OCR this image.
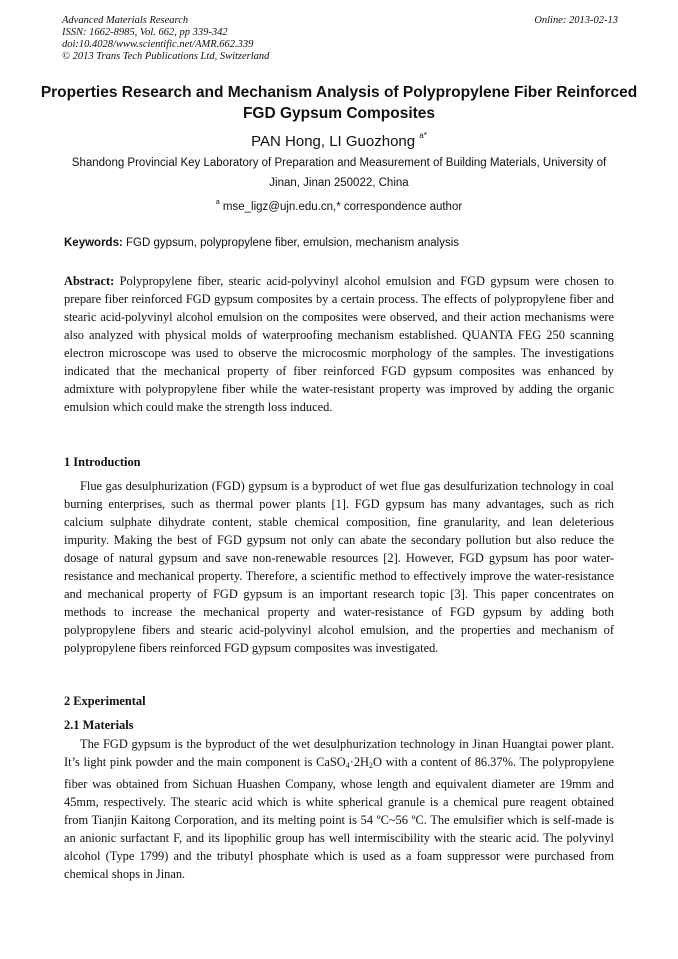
Advanced Materials Research
ISSN: 1662-8985, Vol. 662, pp 339-342
doi:10.4028/www.scientific.net/AMR.662.339
© 2013 Trans Tech Publications Ltd, Switzerland
Online: 2013-02-13
Properties Research and Mechanism Analysis of Polypropylene Fiber Reinforced FGD Gypsum Composites
PAN Hong, LI Guozhong $^{a*}$
Shandong Provincial Key Laboratory of Preparation and Measurement of Building Materials, University of Jinan, Jinan 250022, China
$^a$ mse_ligz@ujn.edu.cn,* correspondence author
Keywords: FGD gypsum, polypropylene fiber, emulsion, mechanism analysis
Abstract: Polypropylene fiber, stearic acid-polyvinyl alcohol emulsion and FGD gypsum were chosen to prepare fiber reinforced FGD gypsum composites by a certain process. The effects of polypropylene fiber and stearic acid-polyvinyl alcohol emulsion on the composites were observed, and their action mechanisms were also analyzed with physical molds of waterproofing mechanism established. QUANTA FEG 250 scanning electron microscope was used to observe the microcosmic morphology of the samples. The investigations indicated that the mechanical property of fiber reinforced FGD gypsum composites was enhanced by admixture with polypropylene fiber while the water-resistant property was improved by adding the organic emulsion which could make the strength loss induced.
1 Introduction
Flue gas desulphurization (FGD) gypsum is a byproduct of wet flue gas desulfurization technology in coal burning enterprises, such as thermal power plants [1]. FGD gypsum has many advantages, such as rich calcium sulphate dihydrate content, stable chemical composition, fine granularity, and lean deleterious impurity. Making the best of FGD gypsum not only can abate the secondary pollution but also reduce the dosage of natural gypsum and save non-renewable resources [2]. However, FGD gypsum has poor water-resistance and mechanical property. Therefore, a scientific method to effectively improve the water-resistance and mechanical property of FGD gypsum is an important research topic [3]. This paper concentrates on methods to increase the mechanical property and water-resistance of FGD gypsum by adding both polypropylene fibers and stearic acid-polyvinyl alcohol emulsion, and the properties and mechanism of polypropylene fibers reinforced FGD gypsum composites was investigated.
2 Experimental
2.1 Materials
The FGD gypsum is the byproduct of the wet desulphurization technology in Jinan Huangtai power plant. It’s light pink powder and the main component is $CaSO_4\cdot 2H_2O$ with a content of 86.37%. The polypropylene fiber was obtained from Sichuan Huashen Company, whose length and equivalent diameter are 19mm and 45mm, respectively. The stearic acid which is white spherical granule is a chemical pure reagent obtained from Tianjin Kaitong Corporation, and its melting point is 54 ºC~56 ºC. The emulsifier which is self-made is an anionic surfactant F, and its lipophilic group has well intermiscibility with the stearic acid. The polyvinyl alcohol (Type 1799) and the tributyl phosphate which is used as a foam suppressor were purchased from chemical shops in Jinan.
